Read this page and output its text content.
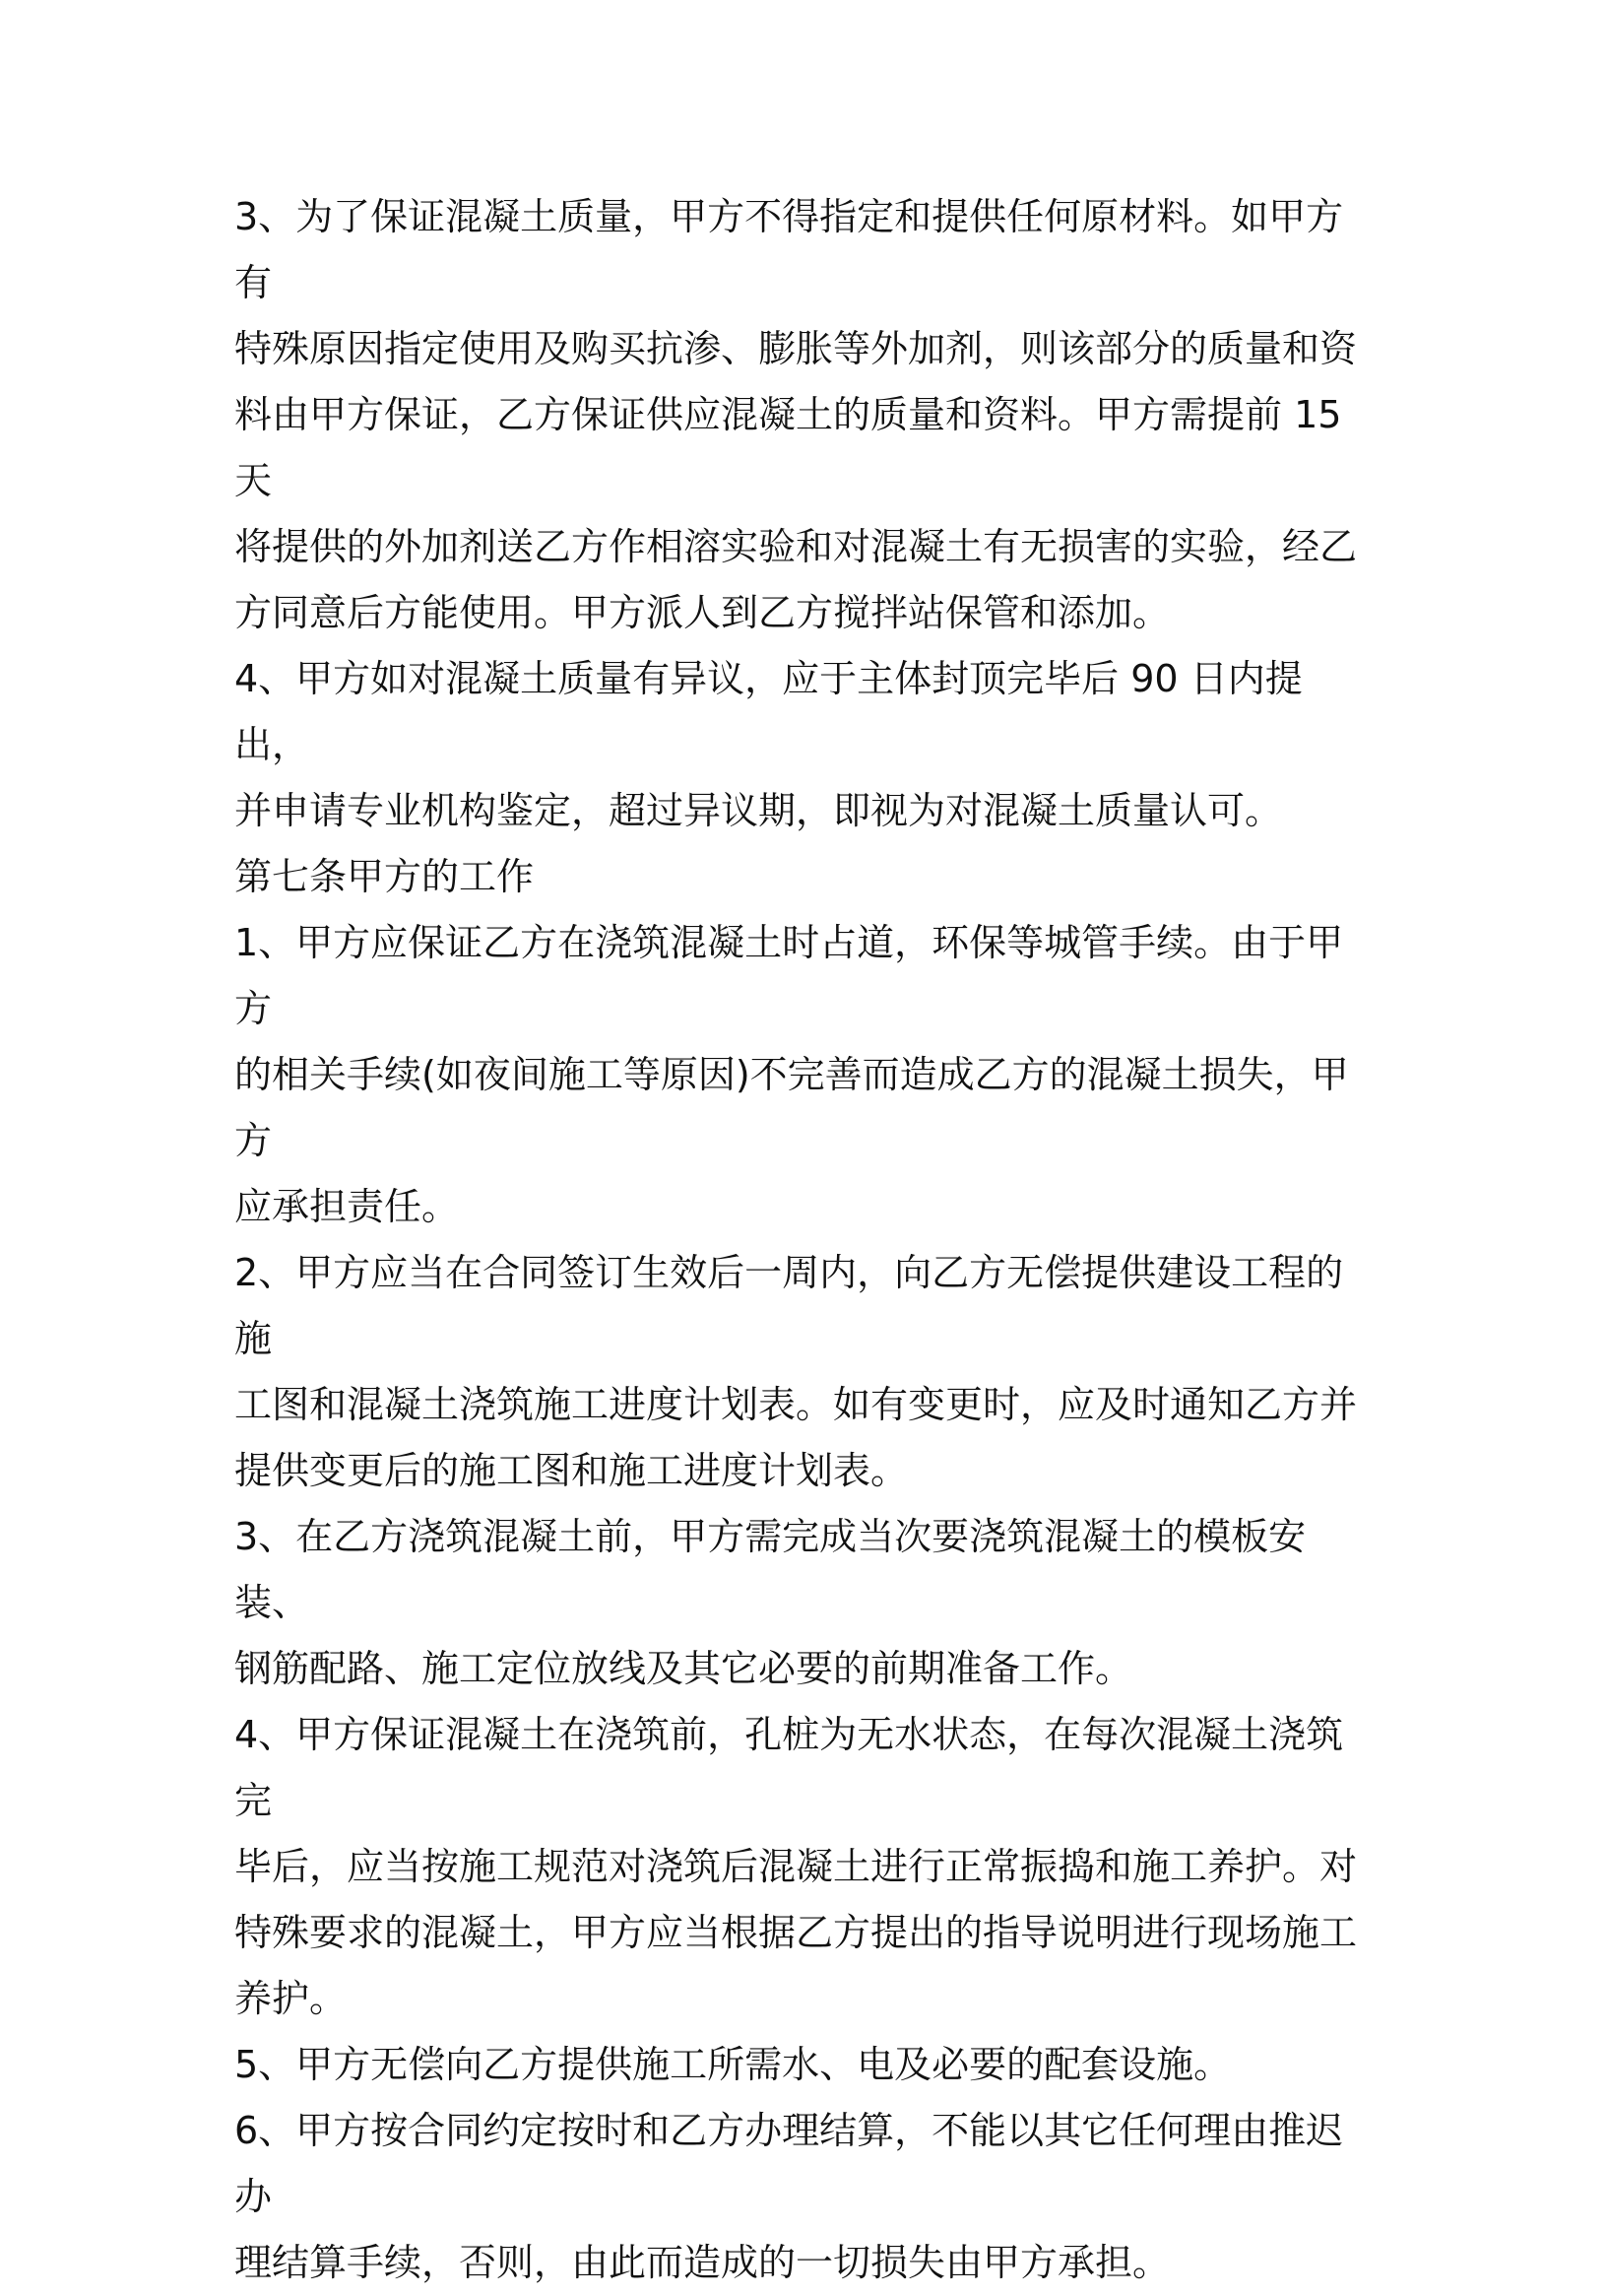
3、为了保证混凝土质量，甲方不得指定和提供任何原材料。如甲方有
特殊原因指定使用及购买抗渗、膨胀等外加剂，则该部分的质量和资
料由甲方保证，乙方保证供应混凝土的质量和资料。甲方需提前 15 天
将提供的外加剂送乙方作相溶实验和对混凝土有无损害的实验，经乙
方同意后方能使用。甲方派人到乙方搅拌站保管和添加。

4、甲方如对混凝土质量有异议，应于主体封顶完毕后 90 日内提出，
并申请专业机构鉴定，超过异议期，即视为对混凝土质量认可。

第七条甲方的工作

1、甲方应保证乙方在浇筑混凝土时占道，环保等城管手续。由于甲方
的相关手续(如夜间施工等原因)不完善而造成乙方的混凝土损失，甲方
应承担责任。

2、甲方应当在合同签订生效后一周内，向乙方无偿提供建设工程的施
工图和混凝土浇筑施工进度计划表。如有变更时，应及时通知乙方并
提供变更后的施工图和施工进度计划表。

3、在乙方浇筑混凝土前，甲方需完成当次要浇筑混凝土的模板安装、
钢筋配路、施工定位放线及其它必要的前期准备工作。

4、甲方保证混凝土在浇筑前，孔桩为无水状态，在每次混凝土浇筑完
毕后，应当按施工规范对浇筑后混凝土进行正常振捣和施工养护。对
特殊要求的混凝土，甲方应当根据乙方提出的指导说明进行现场施工
养护。

5、甲方无偿向乙方提供施工所需水、电及必要的配套设施。

6、甲方按合同约定按时和乙方办理结算，不能以其它任何理由推迟办
理结算手续，否则，由此而造成的一切损失由甲方承担。
